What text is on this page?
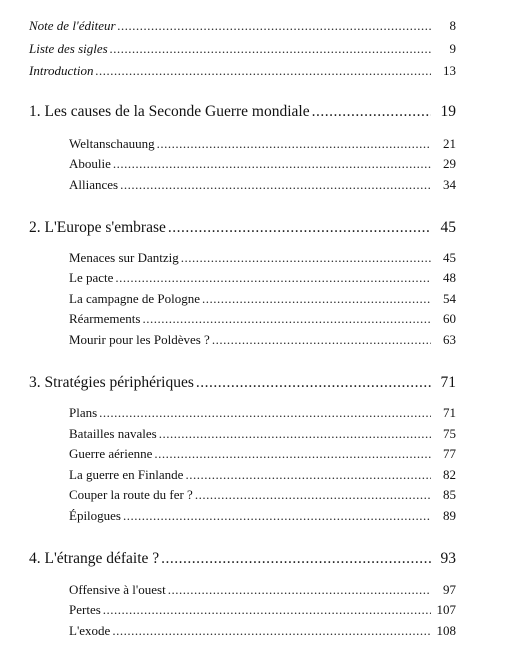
Note de l'éditeur .....	8
Liste des sigles .....	9
Introduction .....	13
1. Les causes de la Seconde Guerre mondiale .....	19
Weltanschauung .....	21
Aboulie .....	29
Alliances .....	34
2. L'Europe s'embrase .....	45
Menaces sur Dantzig .....	45
Le pacte .....	48
La campagne de Pologne .....	54
Réarmements .....	60
Mourir pour les Poldèves ? .....	63
3. Stratégies périphériques .....	71
Plans .....	71
Batailles navales .....	75
Guerre aérienne .....	77
La guerre en Finlande .....	82
Couper la route du fer ? .....	85
Épilogues .....	89
4. L'étrange défaite ? .....	93
Offensive à l'ouest .....	97
Pertes .....	107
L'exode .....	108
